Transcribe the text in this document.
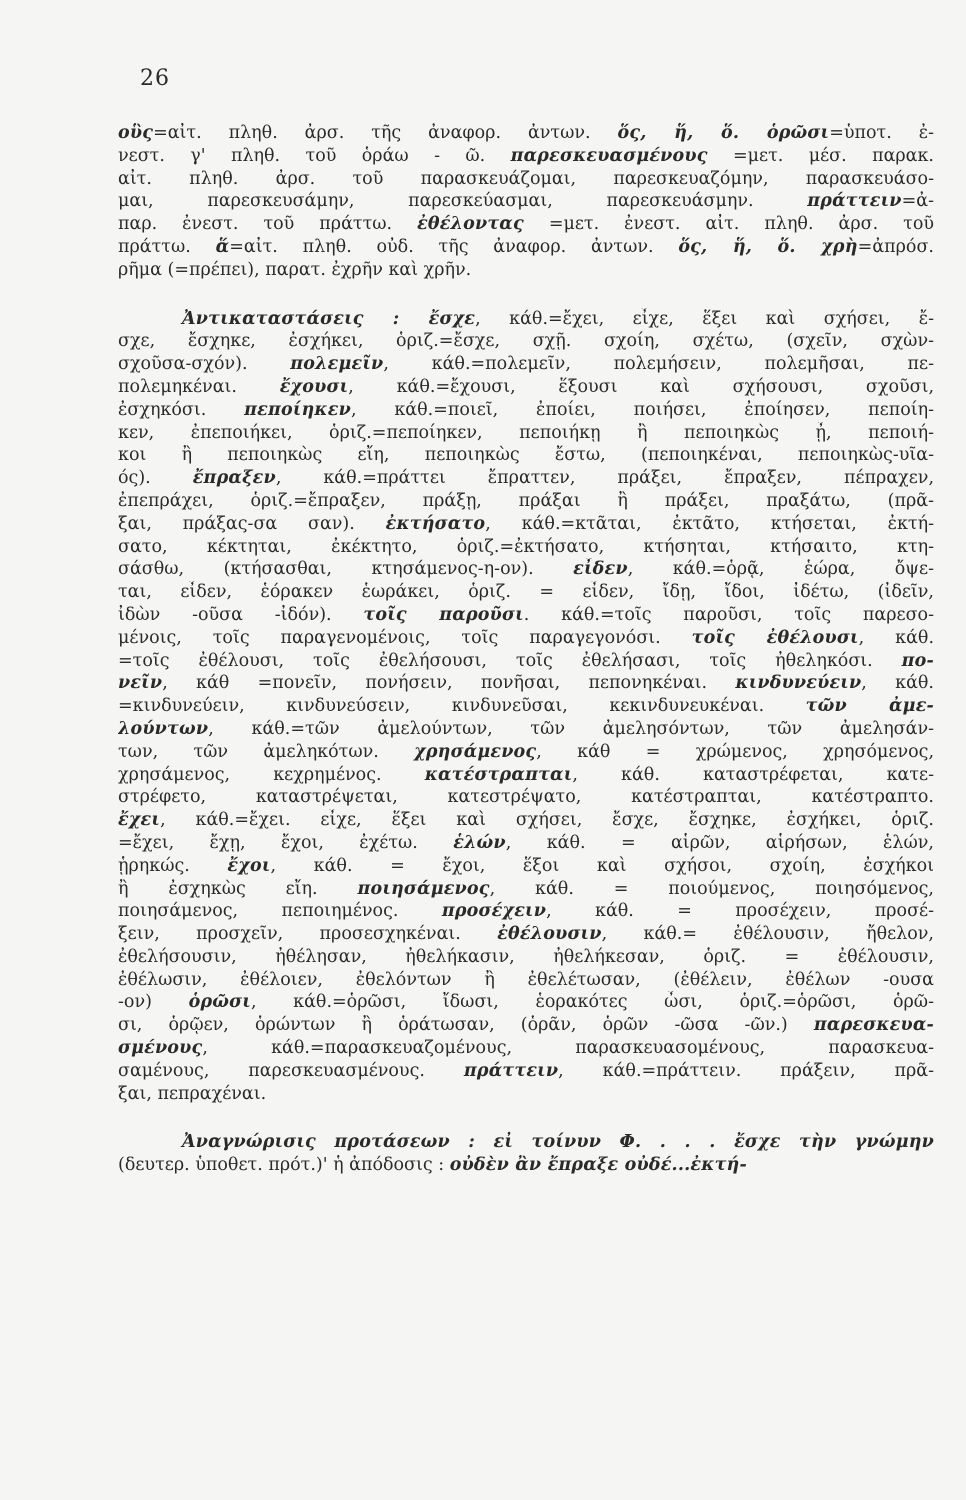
26
οὓς=αἰτ. πληθ. ἀρσ. τῆς ἀναφορ. ἀντων. ὅς, ἥ, ὅ. ὁρῶσι=ὑποτ. ἐ-
νεστ. γ' πληθ. τοῦ ὁράω - ῶ. παρεσκευασμένους =μετ. μέσ. παρακ.
αἰτ. πληθ. ἀρσ. τοῦ παρασκευάζομαι, παρεσκευαζόμην, παρασκευάσο-
μαι, παρεσκευσάμην, παρεσκεύασμαι, παρεσκευάσμην. πράττειν=ἀ-
παρ. ἐνεστ. τοῦ πράττω. ἐθέλοντας =μετ. ἐνεστ. αἰτ. πληθ. ἀρσ. τοῦ
πράττω. ἅ=αἰτ. πληθ. οὐδ. τῆς ἀναφορ. ἀντων. ὅς, ἥ, ὅ. χρὴ=ἀπρόσ.
ρῆμα (=πρέπει), παρατ. ἐχρῆν καὶ χρῆν.
Ἀντικαταστάσεις : ἔσχε, κάθ.=ἔχει, εἶχε, ἕξει καὶ σχήσει, ἔ-
σχε, ἔσχηκε, ἐσχήκει, ὁριζ.=ἔσχε, σχῇ. σχοίη, σχέτω, (σχεῖν, σχὼν-
σχοῦσα-σχόν). πολεμεῖν, κάθ.=πολεμεῖν, πολεμήσειν, πολεμῆσαι, πε-
πολεμηκέναι. ἔχουσι, κάθ.=ἔχουσι, ἕξουσι καὶ σχήσουσι, σχοῦσι,
ἐσχηκόσι. πεποίηκεν, κάθ.=ποιεῖ, ἐποίει, ποιήσει, ἐποίησεν, πεποίη-
κεν, ἐπεποιήκει, ὁριζ.=πεποίηκεν, πεποιήκῃ ἢ πεποιηκὼς ᾖ, πεποιή-
κοι ἢ πεποιηκὼς εἴη, πεποιηκὼς ἔστω, (πεποιηκέναι, πεποιηκὼς-υῖα-
ός). ἔπραξεν, κάθ.=πράττει ἔπραττεν, πράξει, ἔπραξεν, πέπραχεν,
ἐπεπράχει, ὁριζ.=ἔπραξεν, πράξῃ, πράξαι ἢ πράξει, πραξάτω, (πρᾶ-
ξαι, πράξας-σα σαν). ἐκτήσατο, κάθ.=κτᾶται, ἐκτᾶτο, κτήσεται, ἐκτή-
σατο, κέκτηται, ἐκέκτητο, ὁριζ.=ἐκτήσατο, κτήσηται, κτήσαιτο, κτη-
σάσθω, (κτήσασθαι, κτησάμενος-η-ον). εἶδεν, κάθ.=ὁρᾷ, ἑώρα, ὄψε-
ται, εἶδεν, ἑόρακεν ἑωράκει, ὁριζ. = εἶδεν, ἴδῃ, ἴδοι, ἰδέτω, (ἰδεῖν,
ἰδὼν -οῦσα -ἰδόν). τοῖς παροῦσι. κάθ.=τοῖς παροῦσι, τοῖς παρεσο-
μένοις, τοῖς παραγενομένοις, τοῖς παραγεγονόσι. τοῖς ἐθέλουσι, κάθ.
=τοῖς ἐθέλουσι, τοῖς ἐθελήσουσι, τοῖς ἐθελήσασι, τοῖς ἠθεληκόσι. πο-
νεῖν, κάθ =πονεῖν, πονήσειν, πονῆσαι, πεπονηκέναι. κινδυνεύειν, κάθ.
=κινδυνεύειν, κινδυνεύσειν, κινδυνεῦσαι, κεκινδυνευκέναι. τῶν ἀμε-
λούντων, κάθ.=τῶν ἀμελούντων, τῶν ἀμελησόντων, τῶν ἀμελησάν-
των, τῶν ἀμεληκότων. χρησάμενος, κάθ = χρώμενος, χρησόμενος,
χρησάμενος, κεχρημένος. κατέστραπται, κάθ. καταστρέφεται, κατε-
στρέφετο, καταστρέψεται, κατεστρέψατο, κατέστραπται, κατέστραπτο.
ἔχει, κάθ.=ἔχει. εἶχε, ἕξει καὶ σχήσει, ἔσχε, ἔσχηκε, ἐσχήκει, ὁριζ.
=ἔχει, ἔχῃ, ἔχοι, ἐχέτω. ἑλών, κάθ. = αἱρῶν, αἱρήσων, ἑλών,
ᾑρηκώς. ἔχοι, κάθ. = ἔχοι, ἕξοι καὶ σχήσοι, σχοίη, ἐσχήκοι
ἢ ἐσχηκὼς εἴη. ποιησάμενος, κάθ. = ποιούμενος, ποιησόμενος,
ποιησάμενος, πεποιημένος. προσέχειν, κάθ. = προσέχειν, προσέ-
ξειν, προσχεῖν, προσεσχηκέναι. ἐθέλουσιν, κάθ.= ἐθέλουσιν, ἤθελον,
ἐθελήσουσιν, ἠθέλησαν, ἠθελήκασιν, ἠθελήκεσαν, ὁριζ. = ἐθέλουσιν,
ἐθέλωσιν, ἐθέλοιεν, ἐθελόντων ἢ ἐθελέτωσαν, (ἐθέλειν, ἐθέλων -ουσα
-ον) ὁρῶσι, κάθ.=ὁρῶσι, ἴδωσι, ἑορακότες ὦσι, ὁριζ.=ὁρῶσι, ὁρῶ-
σι, ὁρῷεν, ὁρώντων ἢ ὁράτωσαν, (ὁρᾶν, ὁρῶν -ῶσα -ῶν.) παρεσκευα-
σμένους, κάθ.=παρασκευαζομένους, παρασκευασομένους, παρασκευα-
σαμένους, παρεσκευασμένους. πράττειν, κάθ.=πράττειν. πράξειν, πρᾶ-
ξαι, πεπραχέναι.
Ἀναγνώρισις προτάσεων : εἰ τοίνυν Φ. . . . ἔσχε τὴν γνώμην
(δευτερ. ὑποθετ. πρότ.)' ἡ ἀπόδοσις : οὐδὲν ἂν ἔπραξε οὐδέ...ἐκτή-
